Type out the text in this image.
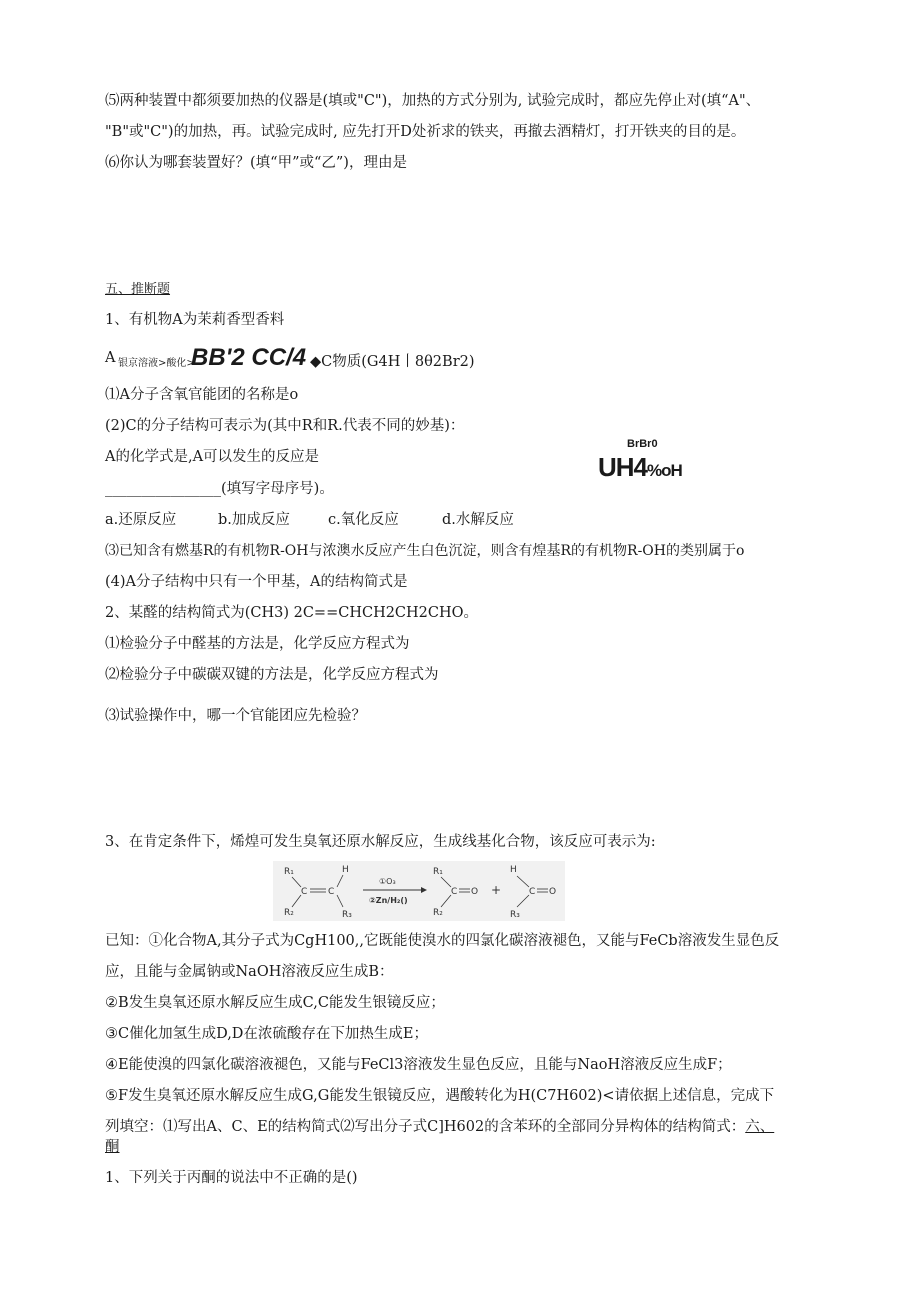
⑸两种装置中都须要加热的仪器是(填或"C")，加热的方式分别为, 试验完成时，都应先停止对(填“A"、
"B"或"C")的加热，再。试验完成时, 应先打开D处祈求的铁夹，再撤去酒精灯，打开铁夹的目的是。
⑹你认为哪套装置好？(填“甲”或“乙”)，理由是
五、推断题
1、有机物A为茉莉香型香料
A 银京溶液>酸化>
BB'2 CC/4 ◆C物质(G4H丨8θ2Br2)
⑴A分子含氧官能团的名称是o
(2)C的分子结构可表示为(其中R和R.代表不同的妙基)：
BrBr0
UH4%oH
A的化学式是,A可以发生的反应是
________________(填写字母序号)。
a.还原反应	b.加成反应	c.氧化反应	d.水解反应
⑶已知含有燃基R的有机物R-OH与浓澳水反应产生白色沉淀，则含有煌基R的有机物R-OH的类别属于o
(4)A分子结构中只有一个甲基，A的结构简式是
2、某醛的结构简式为(CH3) 2C==CHCH2CH2CHO。
⑴检验分子中醛基的方法是，化学反应方程式为
⑵检验分子中碳碳双键的方法是，化学反应方程式为
⑶试验操作中，哪一个官能团应先检验？
3、在肯定条件下，烯煌可发生臭氧还原水解反应，生成线基化合物，该反应可表示为:
R₁	H
C C
R₂	R₃
①O₃
②Zn/H₂()
R₁
C O
R₂
+
H
C O
R₃
已知：①化合物A,其分子式为CgH100,,它既能使溴水的四氯化碳溶液褪色，又能与FeCb溶液发生显色反
应，且能与金属钠或NaOH溶液反应生成B：
②B发生臭氧还原水解反应生成C,C能发生银镜反应；
③C催化加氢生成D,D在浓硫酸存在下加热生成E；
④E能使溴的四氯化碳溶液褪色，又能与FeCl3溶液发生显色反应，且能与NaoH溶液反应生成F；
⑤F发生臭氧还原水解反应生成G,G能发生银镜反应，遇酸转化为H(C7H602)<请依据上述信息，完成下
列填空：⑴写出A、C、E的结构简式⑵写出分子式C]H602的含苯环的全部同分异构体的结构简式：六、
酮
1、下列关于丙酮的说法中不正确的是()
